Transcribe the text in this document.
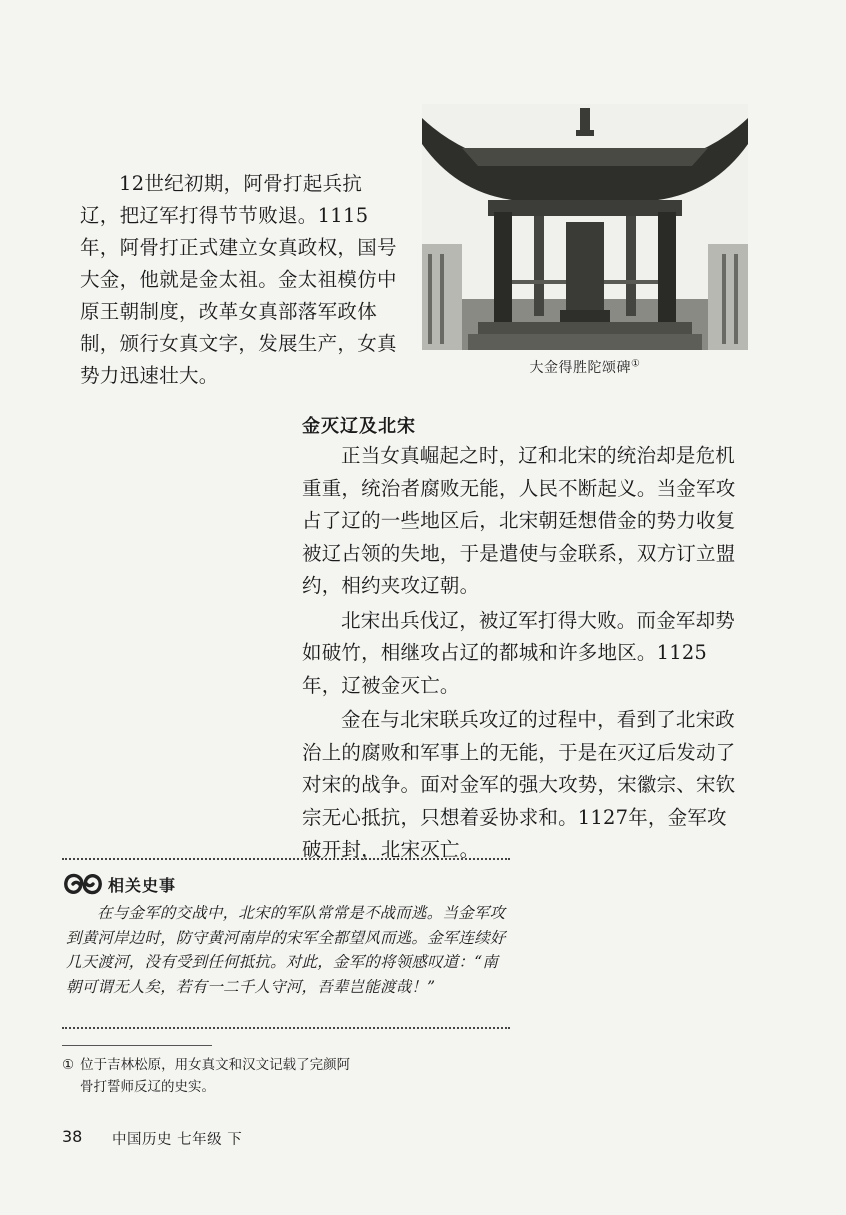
12世纪初期，阿骨打起兵抗辽，把辽军打得节节败退。1115年，阿骨打正式建立女真政权，国号大金，他就是金太祖。金太祖模仿中原王朝制度，改革女真部落军政体制，颁行女真文字，发展生产，女真势力迅速壮大。	大金得胜陀颂碑①
金灭辽及北宋

正当女真崛起之时，辽和北宋的统治却是危机重重，统治者腐败无能，人民不断起义。当金军攻占了辽的一些地区后，北宋朝廷想借金的势力收复被辽占领的失地，于是遣使与金联系，双方订立盟约，相约夹攻辽朝。

北宋出兵伐辽，被辽军打得大败。而金军却势如破竹，相继攻占辽的都城和许多地区。1125年，辽被金灭亡。

金在与北宋联兵攻辽的过程中，看到了北宋政治上的腐败和军事上的无能，于是在灭辽后发动了对宋的战争。面对金军的强大攻势，宋徽宗、宋钦宗无心抵抗，只想着妥协求和。1127年，金军攻破开封，北宋灭亡。

相关史事

在与金军的交战中，北宋的军队常常是不战而逃。当金军攻到黄河岸边时，防守黄河南岸的宋军全都望风而逃。金军连续好几天渡河，没有受到任何抵抗。对此，金军的将领感叹道：“南朝可谓无人矣，若有一二千人守河，吾辈岂能渡哉！”

① 位于吉林松原，用女真文和汉文记载了完颜阿
骨打誓师反辽的史实。
38 中国历史 七年级 下
